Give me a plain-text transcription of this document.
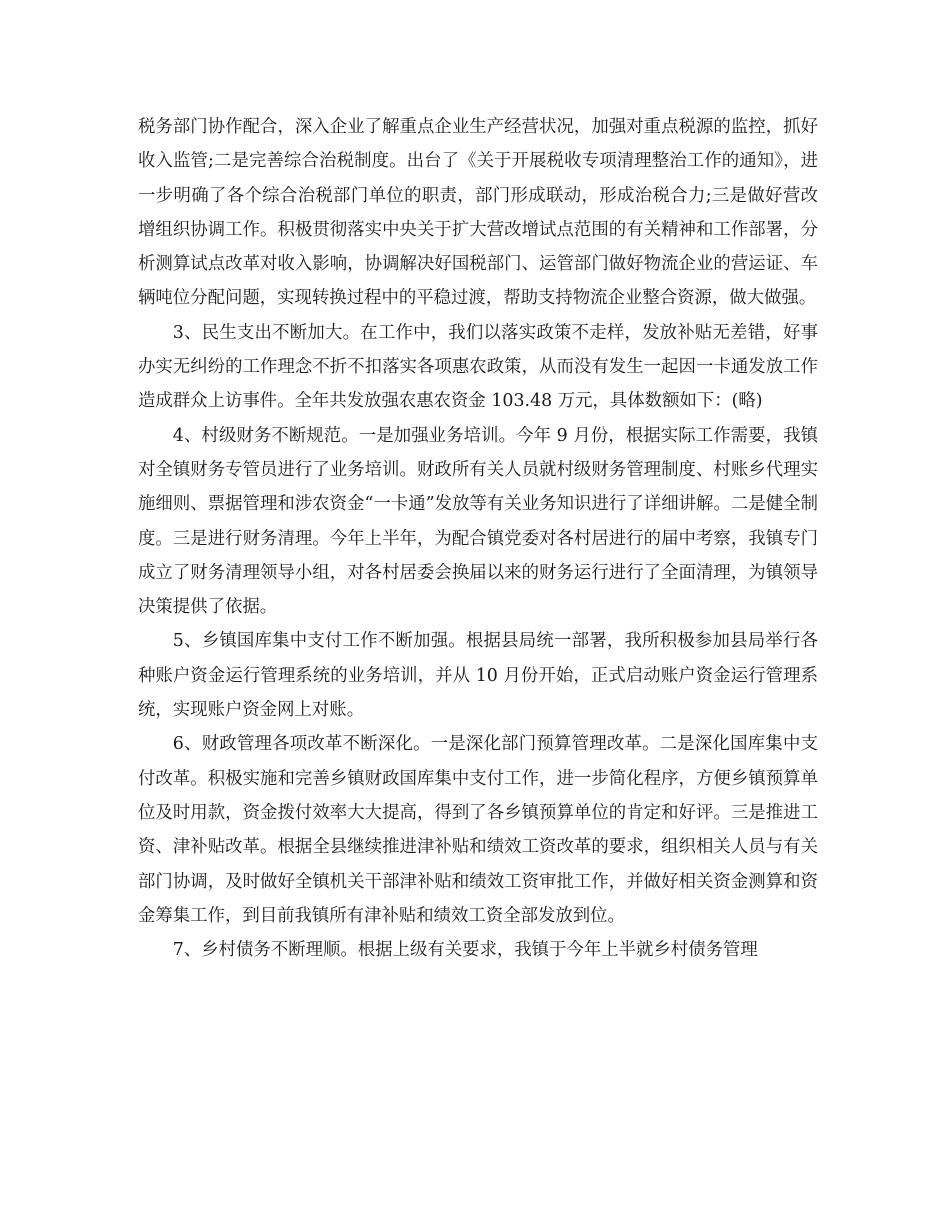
税务部门协作配合，深入企业了解重点企业生产经营状况，加强对重点税源的监控，抓好收入监管;二是完善综合治税制度。出台了《关于开展税收专项清理整治工作的通知》，进一步明确了各个综合治税部门单位的职责，部门形成联动，形成治税合力;三是做好营改增组织协调工作。积极贯彻落实中央关于扩大营改增试点范围的有关精神和工作部署，分析测算试点改革对收入影响，协调解决好国税部门、运管部门做好物流企业的营运证、车辆吨位分配问题，实现转换过程中的平稳过渡，帮助支持物流企业整合资源，做大做强。

3、民生支出不断加大。在工作中，我们以落实政策不走样，发放补贴无差错，好事办实无纠纷的工作理念不折不扣落实各项惠农政策，从而没有发生一起因一卡通发放工作造成群众上访事件。全年共发放强农惠农资金 103.48 万元，具体数额如下：(略)

4、村级财务不断规范。一是加强业务培训。今年 9 月份，根据实际工作需要，我镇对全镇财务专管员进行了业务培训。财政所有关人员就村级财务管理制度、村账乡代理实施细则、票据管理和涉农资金“一卡通”发放等有关业务知识进行了详细讲解。二是健全制度。三是进行财务清理。今年上半年，为配合镇党委对各村居进行的届中考察，我镇专门成立了财务清理领导小组，对各村居委会换届以来的财务运行进行了全面清理，为镇领导决策提供了依据。

5、乡镇国库集中支付工作不断加强。根据县局统一部署，我所积极参加县局举行各种账户资金运行管理系统的业务培训，并从 10 月份开始，正式启动账户资金运行管理系统，实现账户资金网上对账。

6、财政管理各项改革不断深化。一是深化部门预算管理改革。二是深化国库集中支付改革。积极实施和完善乡镇财政国库集中支付工作，进一步简化程序，方便乡镇预算单位及时用款，资金拨付效率大大提高，得到了各乡镇预算单位的肯定和好评。三是推进工资、津补贴改革。根据全县继续推进津补贴和绩效工资改革的要求，组织相关人员与有关部门协调，及时做好全镇机关干部津补贴和绩效工资审批工作，并做好相关资金测算和资金筹集工作，到目前我镇所有津补贴和绩效工资全部发放到位。

7、乡村债务不断理顺。根据上级有关要求，我镇于今年上半就乡村债务管理
